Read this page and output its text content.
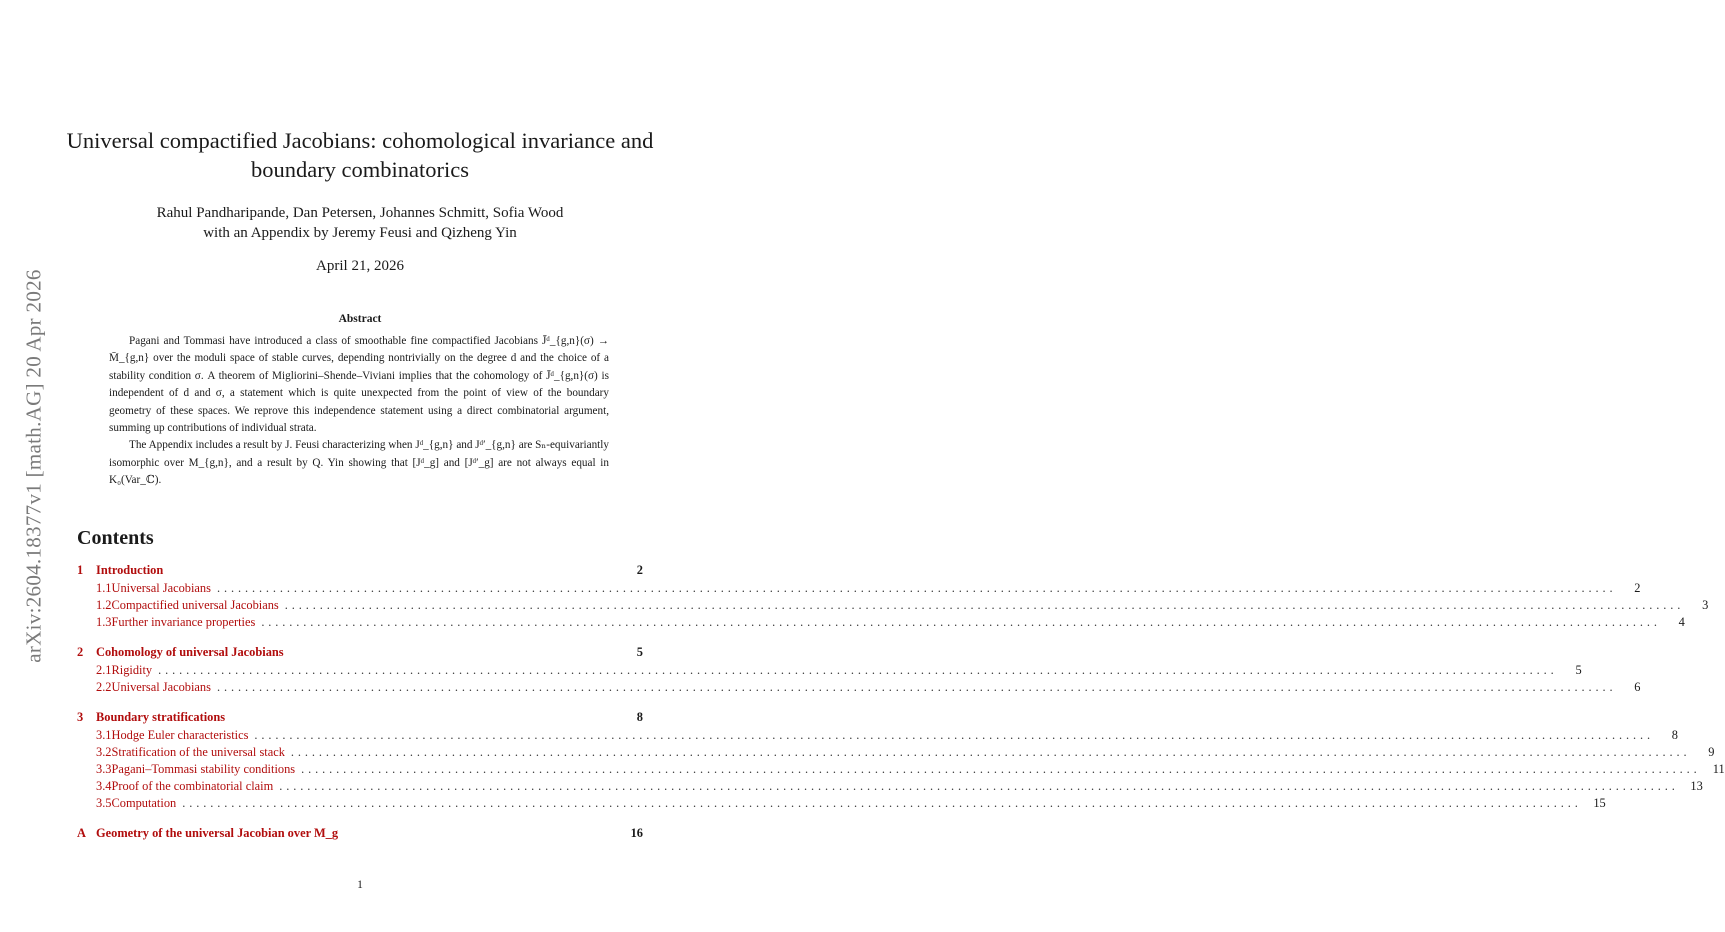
arXiv:2604.18377v1 [math.AG] 20 Apr 2026
Universal compactified Jacobians: cohomological invariance and boundary combinatorics
Rahul Pandharipande, Dan Petersen, Johannes Schmitt, Sofia Wood
with an Appendix by Jeremy Feusi and Qizheng Yin
April 21, 2026
Abstract

Pagani and Tommasi have introduced a class of smoothable fine compactified Jacobians J̄ᵈ_{g,n}(σ) → M̄_{g,n} over the moduli space of stable curves, depending nontrivially on the degree d and the choice of a stability condition σ. A theorem of Migliorini–Shende–Viviani implies that the cohomology of J̄ᵈ_{g,n}(σ) is independent of d and σ, a statement which is quite unexpected from the point of view of the boundary geometry of these spaces. We reprove this independence statement using a direct combinatorial argument, summing up contributions of individual strata.

The Appendix includes a result by J. Feusi characterizing when Jᵈ_{g,n} and Jᵈ′_{g,n} are Sₙ-equivariantly isomorphic over M_{g,n}, and a result by Q. Yin showing that [Jᵈ_g] and [Jᵈ′_g] are not always equal in K₀(Var_ℂ).

Contents
1	Introduction	2
1.1 Universal Jacobians ........................................................................................................................................................................................................	2
1.2 Compactified universal Jacobians ........................................................................................................................................................................................................	3
1.3 Further invariance properties ........................................................................................................................................................................................................	4
2	Cohomology of universal Jacobians	5
2.1 Rigidity ........................................................................................................................................................................................................	5
2.2 Universal Jacobians ........................................................................................................................................................................................................	6
3	Boundary stratifications	8
3.1 Hodge Euler characteristics ........................................................................................................................................................................................................	8
3.2 Stratification of the universal stack ........................................................................................................................................................................................................	9
3.3 Pagani–Tommasi stability conditions ........................................................................................................................................................................................................ 11
3.4 Proof of the combinatorial claim ........................................................................................................................................................................................................ 13
3.5 Computation ........................................................................................................................................................................................................ 15
A Geometry of the universal Jacobian over M_g	16
1
